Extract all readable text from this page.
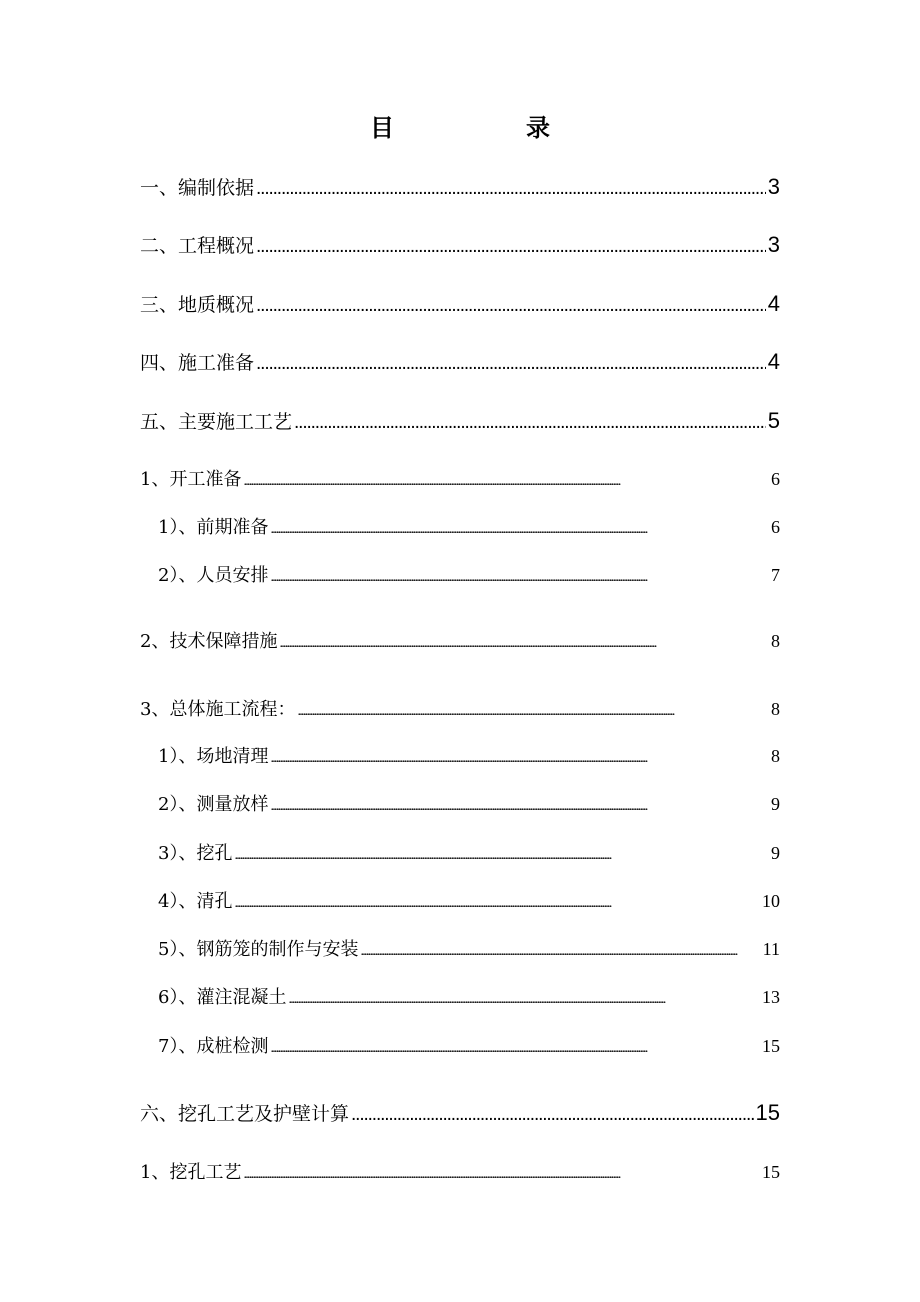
目　录
一、编制依据 . . .	3
二、工程概况 . . .	3
三、地质概况 . . .	4
四、施工准备 . . .	4
五、主要施工工艺 . . .	5
1、开工准备 . . .	6
1）、前期准备 . . .	6
2）、人员安排 . . .	7
2、技术保障措施 . . .	8
3、总体施工流程： . . .	8
1）、场地清理 . . .	8
2）、测量放样 . . .	9
3）、挖孔 . . .	9
4）、清孔 . . .	10
5）、钢筋笼的制作与安装 . . .	11
6）、灌注混凝土 . . .	13
7）、成桩检测 . . .	15
六、挖孔工艺及护壁计算 . . .	15
1、挖孔工艺 . . .	15
